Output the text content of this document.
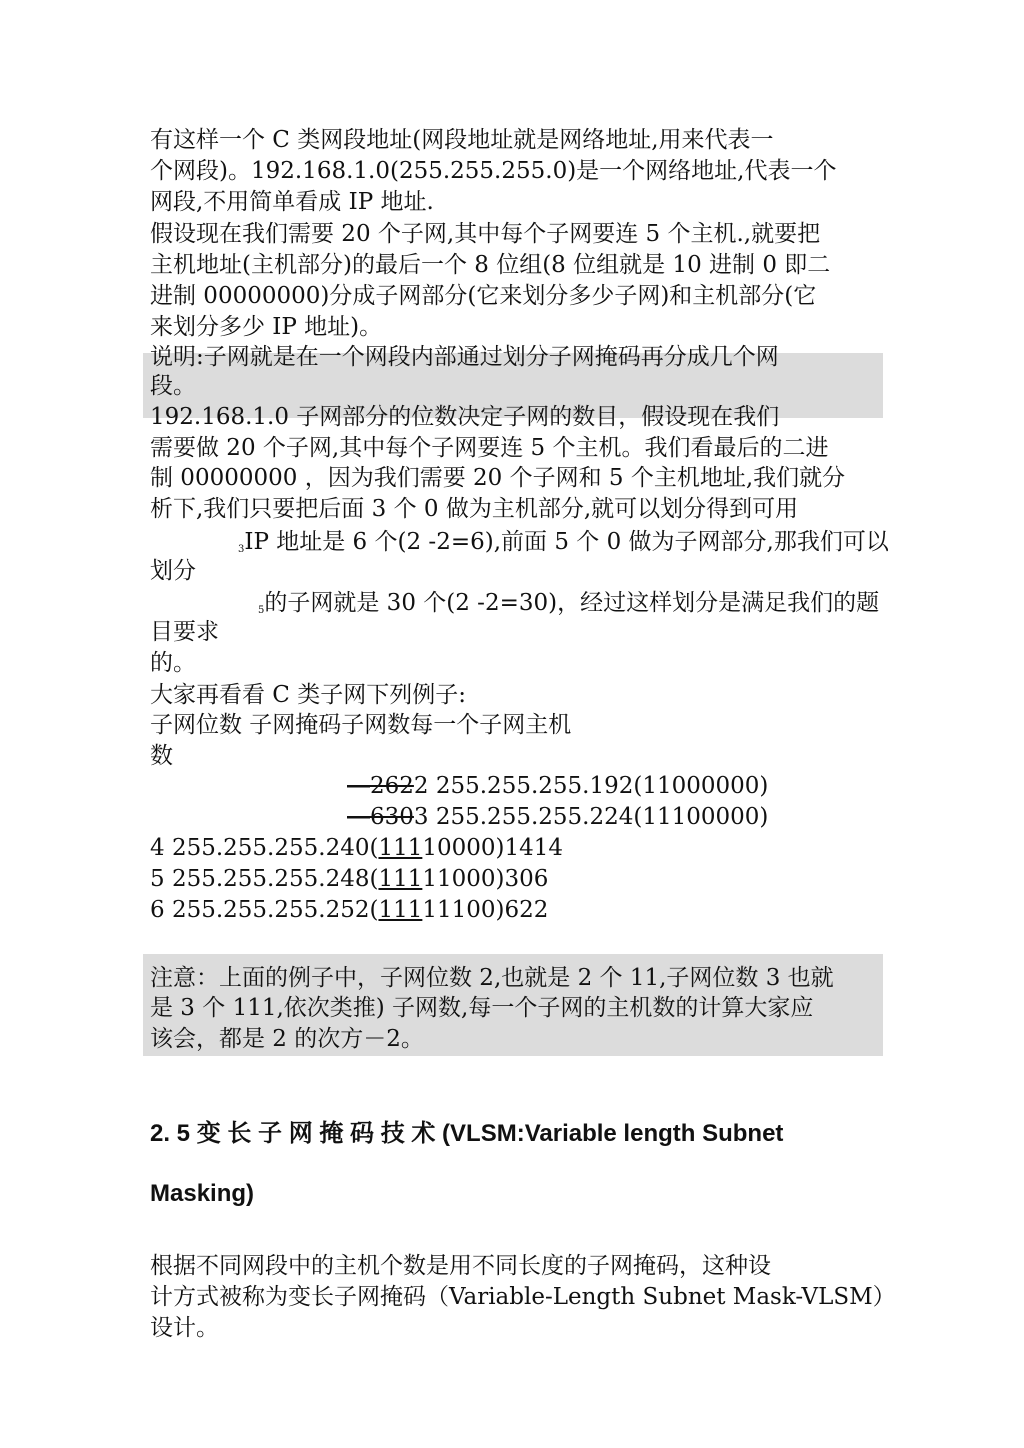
有这样一个 C 类网段地址(网段地址就是网络地址,用来代表一

个网段)。192.168.1.0(255.255.255.0)是一个网络地址,代表一个

网段,不用简单看成 IP 地址.

假设现在我们需要 20 个子网,其中每个子网要连 5 个主机.,就要把

主机地址(主机部分)的最后一个 8 位组(8 位组就是 10 进制 0 即二

进制 00000000)分成子网部分(它来划分多少子网)和主机部分(它

来划分多少 IP 地址)。

说明:子网就是在一个网段内部通过划分子网掩码再分成几个网

段。

192.168.1.0 子网部分的位数决定子网的数目，假设现在我们

需要做 20 个子网,其中每个子网要连 5 个主机。我们看最后的二进

制 00000000 ，因为我们需要 20 个子网和 5 个主机地址,我们就分

析下,我们只要把后面 3 个 0 做为主机部分,就可以划分得到可用

$^3$IP 地址是 6 个(2 -2=6),前面 5 个 0 做为子网部分,那我们可以

划分

$^5$的子网就是 30 个(2 -2=30)，经过这样划分是满足我们的题

目要求

的。

大家再看看 C 类子网下列例子:

子网位数 子网掩码子网数每一个子网主机

数

―2622 255.255.255.192(11000000)

―6303 255.255.255.224(11100000)

4 255.255.255.240(11110000)1414

5 255.255.255.248(11111000)306

6 255.255.255.252(11111100)622

注意：上面的例子中，子网位数 2,也就是 2 个 11,子网位数 3 也就

是 3 个 111,依次类推) 子网数,每一个子网的主机数的计算大家应

该会，都是 2 的次方－2。

2. 5 变 长 子 网 掩 码 技 术 (VLSM:Variable length Subnet
Masking)

根据不同网段中的主机个数是用不同长度的子网掩码，这种设

计方式被称为变长子网掩码（Variable-Length Subnet Mask-VLSM）

设计。
